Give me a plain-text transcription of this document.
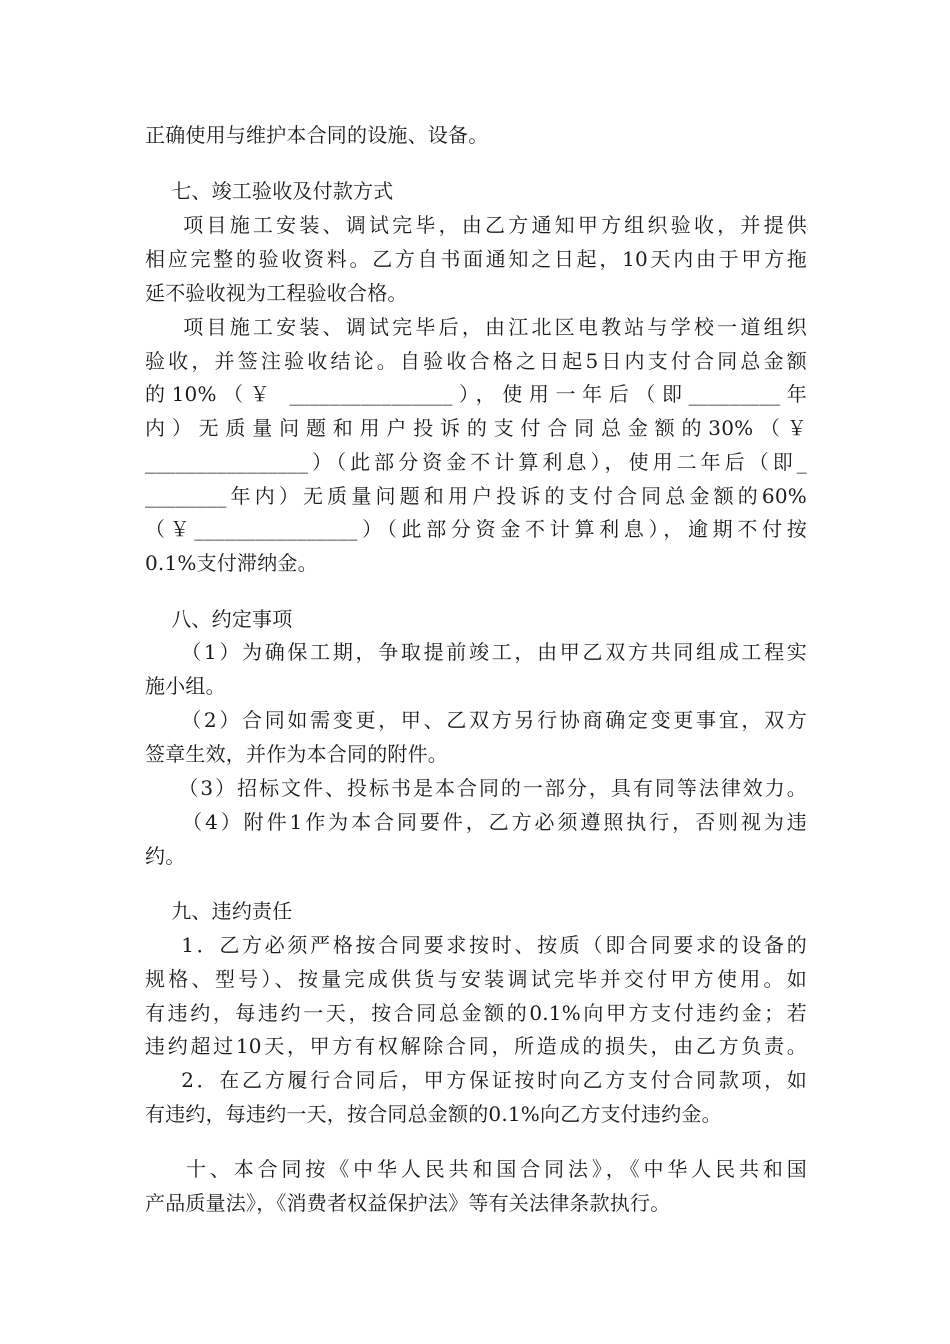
正确使用与维护本合同的设施、设备。
七、竣工验收及付款方式
项目施工安装、调试完毕，由乙方通知甲方组织验收，并提供
相应完整的验收资料。乙方自书面通知之日起，10天内由于甲方拖
延不验收视为工程验收合格。
项目施工安装、调试完毕后，由江北区电教站与学校一道组织
验收，并签注验收结论。自验收合格之日起5日内支付合同总金额
的10%（￥ ________________），使用一年后（即_________年
内）无质量问题和用户投诉的支付合同总金额的30%（￥
________________）（此部分资金不计算利息），使用二年后（即_
________年内）无质量问题和用户投诉的支付合同总金额的60%
（￥________________）（此部分资金不计算利息），逾期不付按
0.1%支付滞纳金。
八、约定事项
（1）为确保工期，争取提前竣工，由甲乙双方共同组成工程实
施小组。
（2）合同如需变更，甲、乙双方另行协商确定变更事宜，双方
签章生效，并作为本合同的附件。
（3）招标文件、投标书是本合同的一部分，具有同等法律效力。
（4）附件1作为本合同要件，乙方必须遵照执行，否则视为违
约。
九、违约责任
1．乙方必须严格按合同要求按时、按质（即合同要求的设备的
规格、型号）、按量完成供货与安装调试完毕并交付甲方使用。如
有违约，每违约一天，按合同总金额的0.1%向甲方支付违约金；若
违约超过10天，甲方有权解除合同，所造成的损失，由乙方负责。
2．在乙方履行合同后，甲方保证按时向乙方支付合同款项，如
有违约，每违约一天，按合同总金额的0.1%向乙方支付违约金。
十、本合同按《中华人民共和国合同法》，《中华人民共和国
产品质量法》，《消费者权益保护法》等有关法律条款执行。
